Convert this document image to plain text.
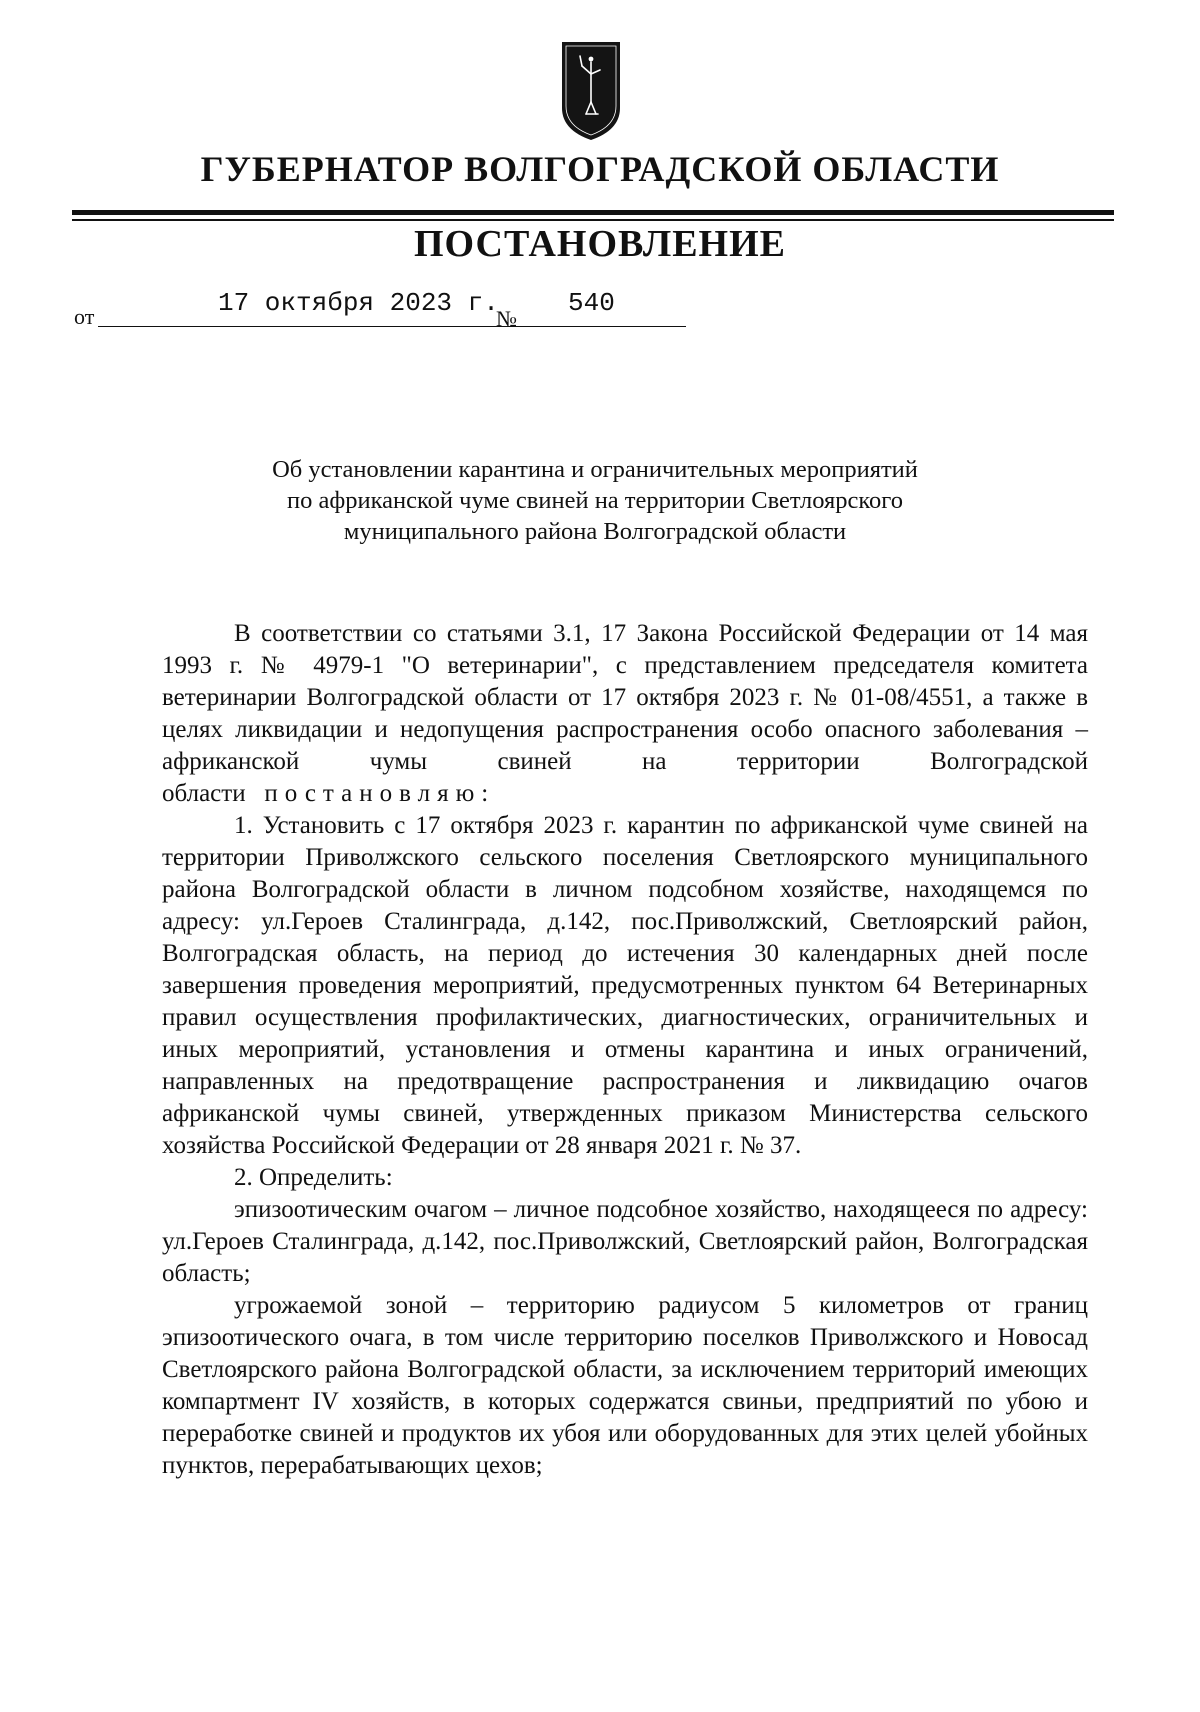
ГУБЕРНАТОР ВОЛГОГРАДСКОЙ ОБЛАСТИ
ПОСТАНОВЛЕНИЕ
от	17 октября 2023 г.
№
540
Об установлении карантина и ограничительных мероприятий
по африканской чуме свиней на территории Светлоярского
муниципального района Волгоградской области

В соответствии со статьями 3.1, 17 Закона Российской Федерации от 14 мая 1993 г. № 4979-1 "О ветеринарии", с представлением председателя комитета ветеринарии Волгоградской области от 17 октября 2023 г. № 01-08/4551, а также в целях ликвидации и недопущения распространения особо опасного заболевания – африканской чумы свиней на территории Волгоградской области постановляю:

1. Установить с 17 октября 2023 г. карантин по африканской чуме свиней на территории Приволжского сельского поселения Светлоярского муниципального района Волгоградской области в личном подсобном хозяйстве, находящемся по адресу: ул.Героев Сталинграда, д.142, пос.Приволжский, Светлоярский район, Волгоградская область, на период до истечения 30 календарных дней после завершения проведения мероприятий, предусмотренных пунктом 64 Ветеринарных правил осуществления профилактических, диагностических, ограничительных и иных мероприятий, установления и отмены карантина и иных ограничений, направленных на предотвращение распространения и ликвидацию очагов африканской чумы свиней, утвержденных приказом Министерства сельского хозяйства Российской Федерации от 28 января 2021 г. № 37.

2. Определить:

эпизоотическим очагом – личное подсобное хозяйство, находящееся по адресу: ул.Героев Сталинграда, д.142, пос.Приволжский, Светлоярский район, Волгоградская область;

угрожаемой зоной – территорию радиусом 5 километров от границ эпизоотического очага, в том числе территорию поселков Приволжского и Новосад Светлоярского района Волгоградской области, за исключением территорий имеющих компартмент IV хозяйств, в которых содержатся свиньи, предприятий по убою и переработке свиней и продуктов их убоя или оборудованных для этих целей убойных пунктов, перерабатывающих цехов;
